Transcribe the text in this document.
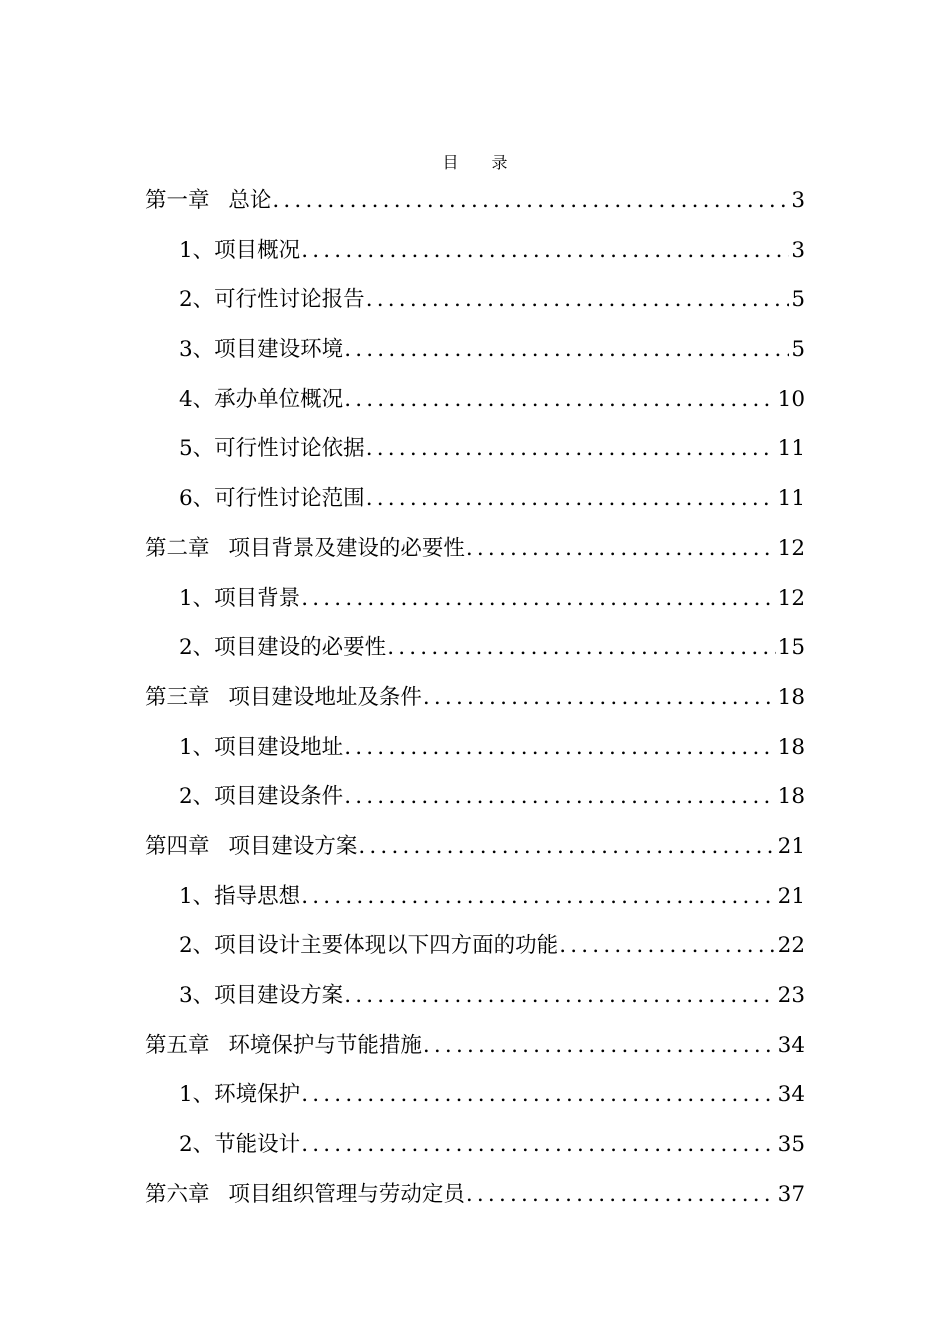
目 录
第一章 总论 .....	3
1、项目概况 .....	3
2、可行性讨论报告 .....	5
3、项目建设环境 .....	5
4、承办单位概况 .....	10
5、可行性讨论依据 .....	11
6、可行性讨论范围 .....	11
第二章 项目背景及建设的必要性 .....	12
1、项目背景 .....	12
2、项目建设的必要性 .....	15
第三章 项目建设地址及条件 .....	18
1、项目建设地址 .....	18
2、项目建设条件 .....	18
第四章 项目建设方案 .....	21
1、指导思想 .....	21
2、项目设计主要体现以下四方面的功能 .....	22
3、项目建设方案 .....	23
第五章 环境保护与节能措施 .....	34
1、环境保护 .....	34
2、节能设计 .....	35
第六章 项目组织管理与劳动定员 .....	37
